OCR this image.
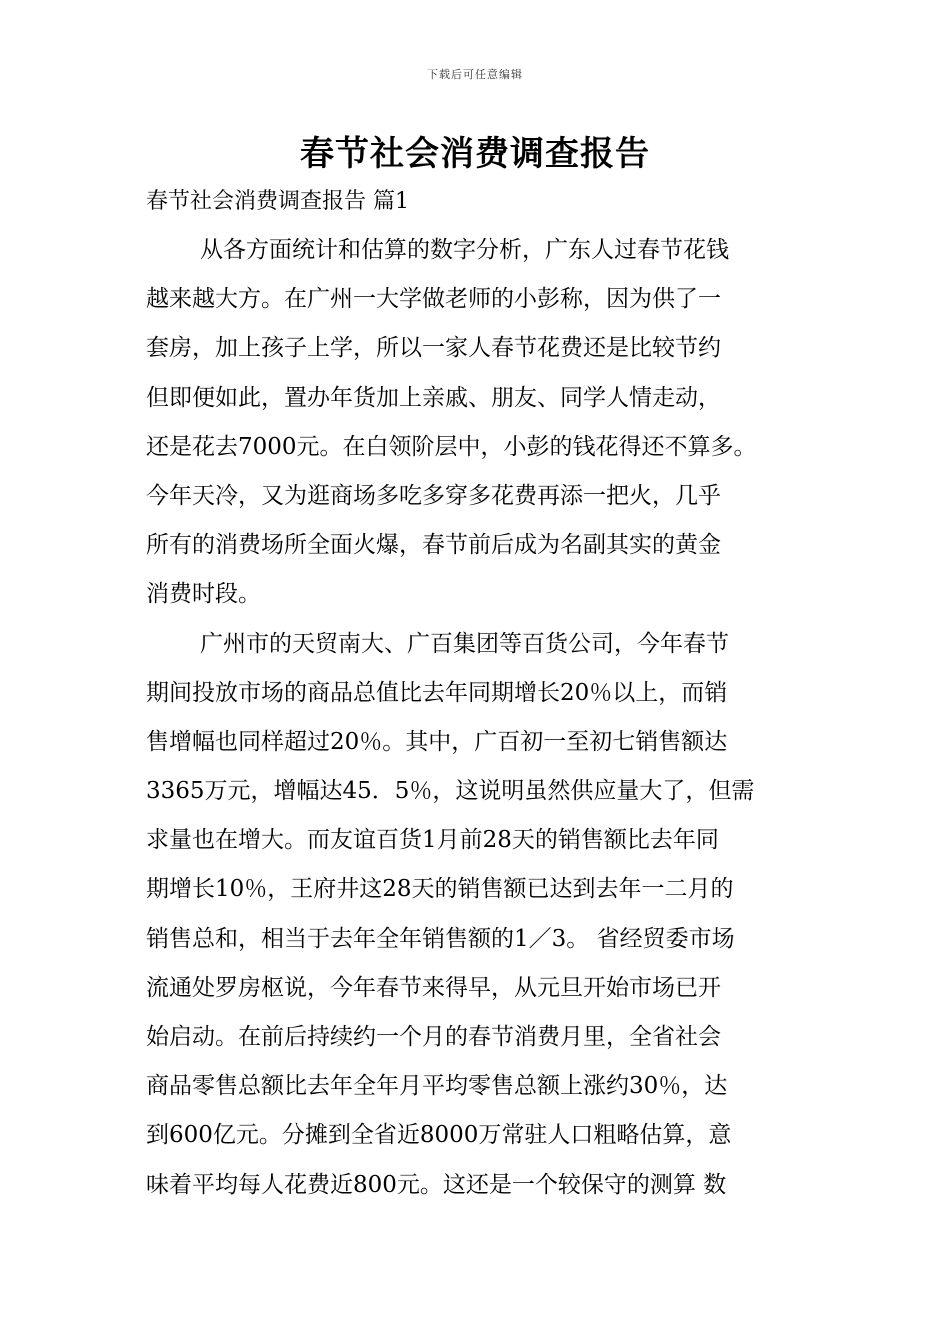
下载后可任意编辑
春节社会消费调查报告
春节社会消费调查报告 篇1
从各方面统计和估算的数字分析，广东人过春节花钱
越来越大方。在广州一大学做老师的小彭称，因为供了一
套房，加上孩子上学，所以一家人春节花费还是比较节约
但即便如此，置办年货加上亲戚、朋友、同学人情走动，
还是花去7000元。在白领阶层中，小彭的钱花得还不算多。
今年天冷，又为逛商场多吃多穿多花费再添一把火，几乎
所有的消费场所全面火爆，春节前后成为名副其实的黄金
消费时段。
广州市的天贸南大、广百集团等百货公司，今年春节
期间投放市场的商品总值比去年同期增长20％以上，而销
售增幅也同样超过20％。其中，广百初一至初七销售额达
3365万元，增幅达45．5％，这说明虽然供应量大了，但需
求量也在增大。而友谊百货1月前28天的销售额比去年同
期增长10％，王府井这28天的销售额已达到去年一二月的
销售总和，相当于去年全年销售额的1／3。 省经贸委市场
流通处罗房枢说，今年春节来得早，从元旦开始市场已开
始启动。在前后持续约一个月的春节消费月里，全省社会
商品零售总额比去年全年月平均零售总额上涨约30％，达
到600亿元。分摊到全省近8000万常驻人口粗略估算，意
味着平均每人花费近800元。这还是一个较保守的测算 数
